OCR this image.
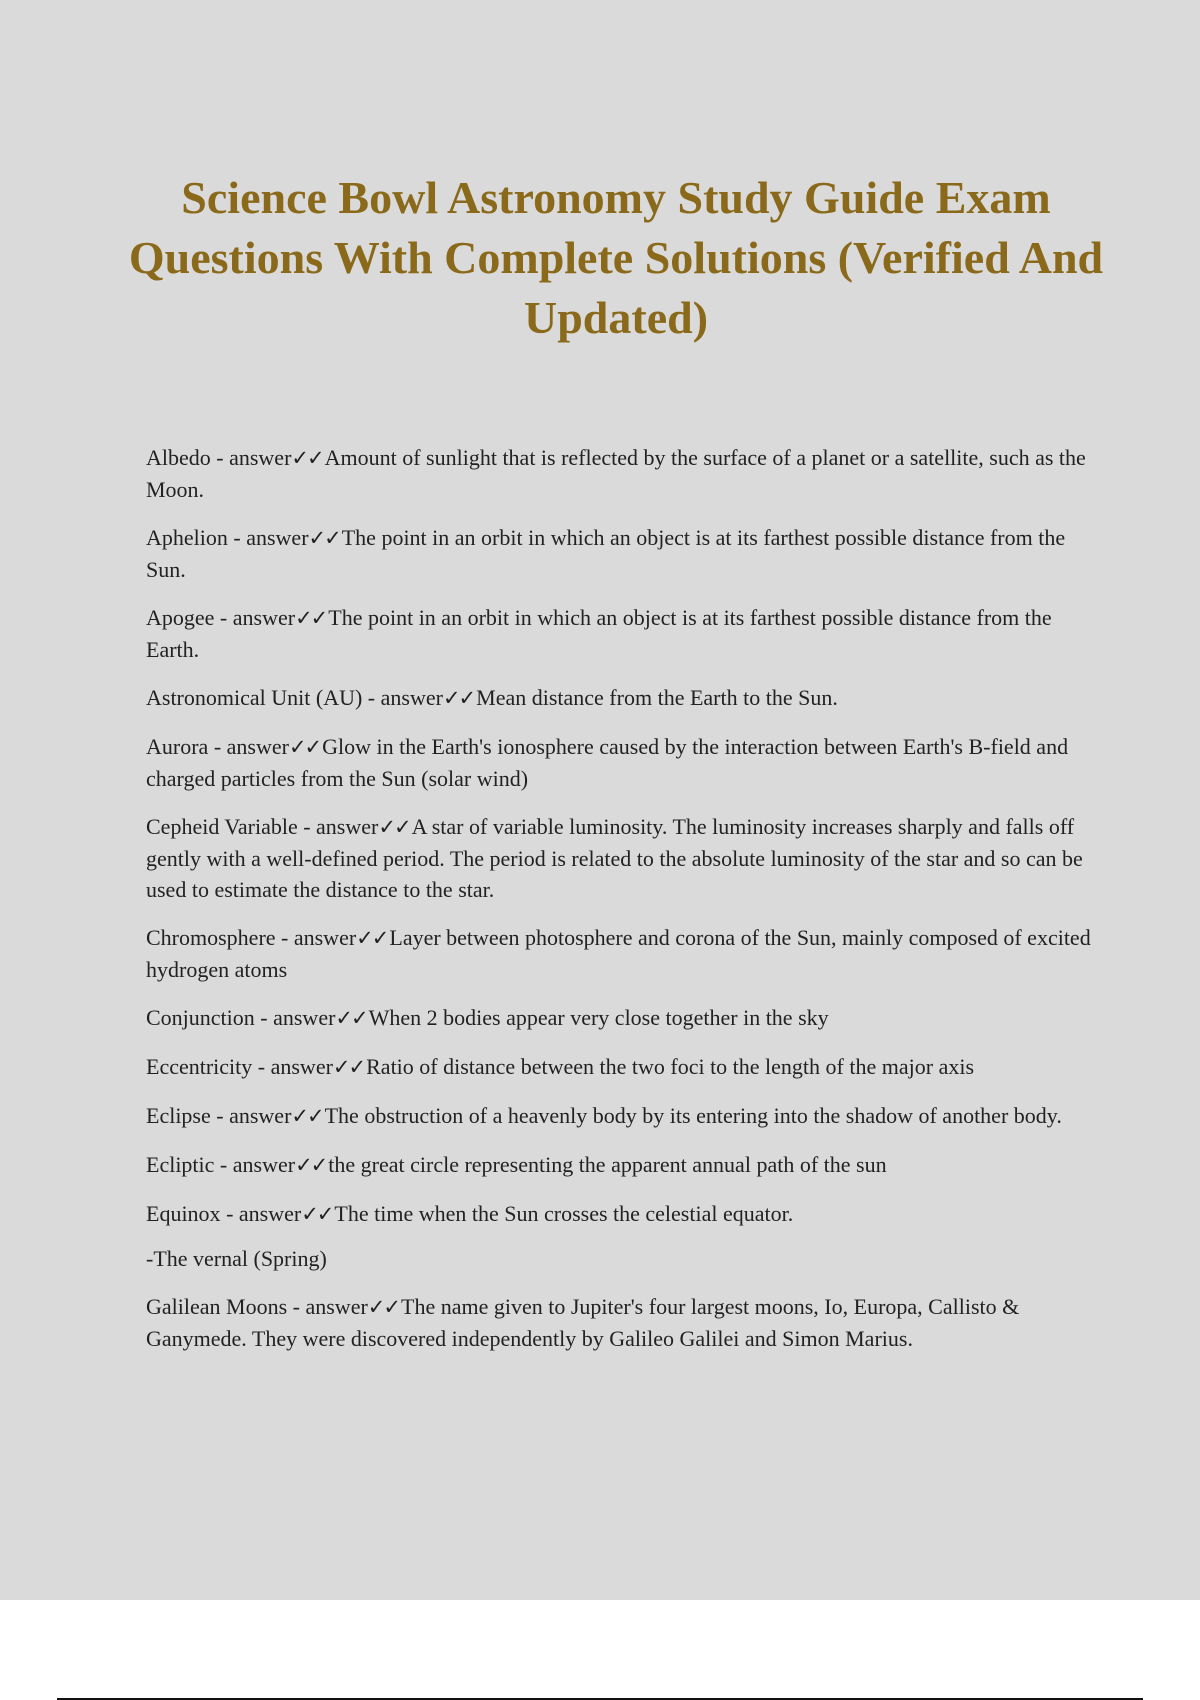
Science Bowl Astronomy Study Guide Exam Questions With Complete Solutions (Verified And Updated)

Albedo - answer✓✓Amount of sunlight that is reflected by the surface of a planet or a satellite, such as the Moon.

Aphelion - answer✓✓The point in an orbit in which an object is at its farthest possible distance from the Sun.

Apogee - answer✓✓The point in an orbit in which an object is at its farthest possible distance from the Earth.

Astronomical Unit (AU) - answer✓✓Mean distance from the Earth to the Sun.

Aurora - answer✓✓Glow in the Earth's ionosphere caused by the interaction between Earth's B-field and charged particles from the Sun (solar wind)

Cepheid Variable - answer✓✓A star of variable luminosity. The luminosity increases sharply and falls off gently with a well-defined period. The period is related to the absolute luminosity of the star and so can be used to estimate the distance to the star.

Chromosphere - answer✓✓Layer between photosphere and corona of the Sun, mainly composed of excited hydrogen atoms

Conjunction - answer✓✓When 2 bodies appear very close together in the sky

Eccentricity - answer✓✓Ratio of distance between the two foci to the length of the major axis

Eclipse - answer✓✓The obstruction of a heavenly body by its entering into the shadow of another body.

Ecliptic - answer✓✓the great circle representing the apparent annual path of the sun

Equinox - answer✓✓The time when the Sun crosses the celestial equator.

-The vernal (Spring)

Galilean Moons - answer✓✓The name given to Jupiter's four largest moons, Io, Europa, Callisto & Ganymede. They were discovered independently by Galileo Galilei and Simon Marius.
